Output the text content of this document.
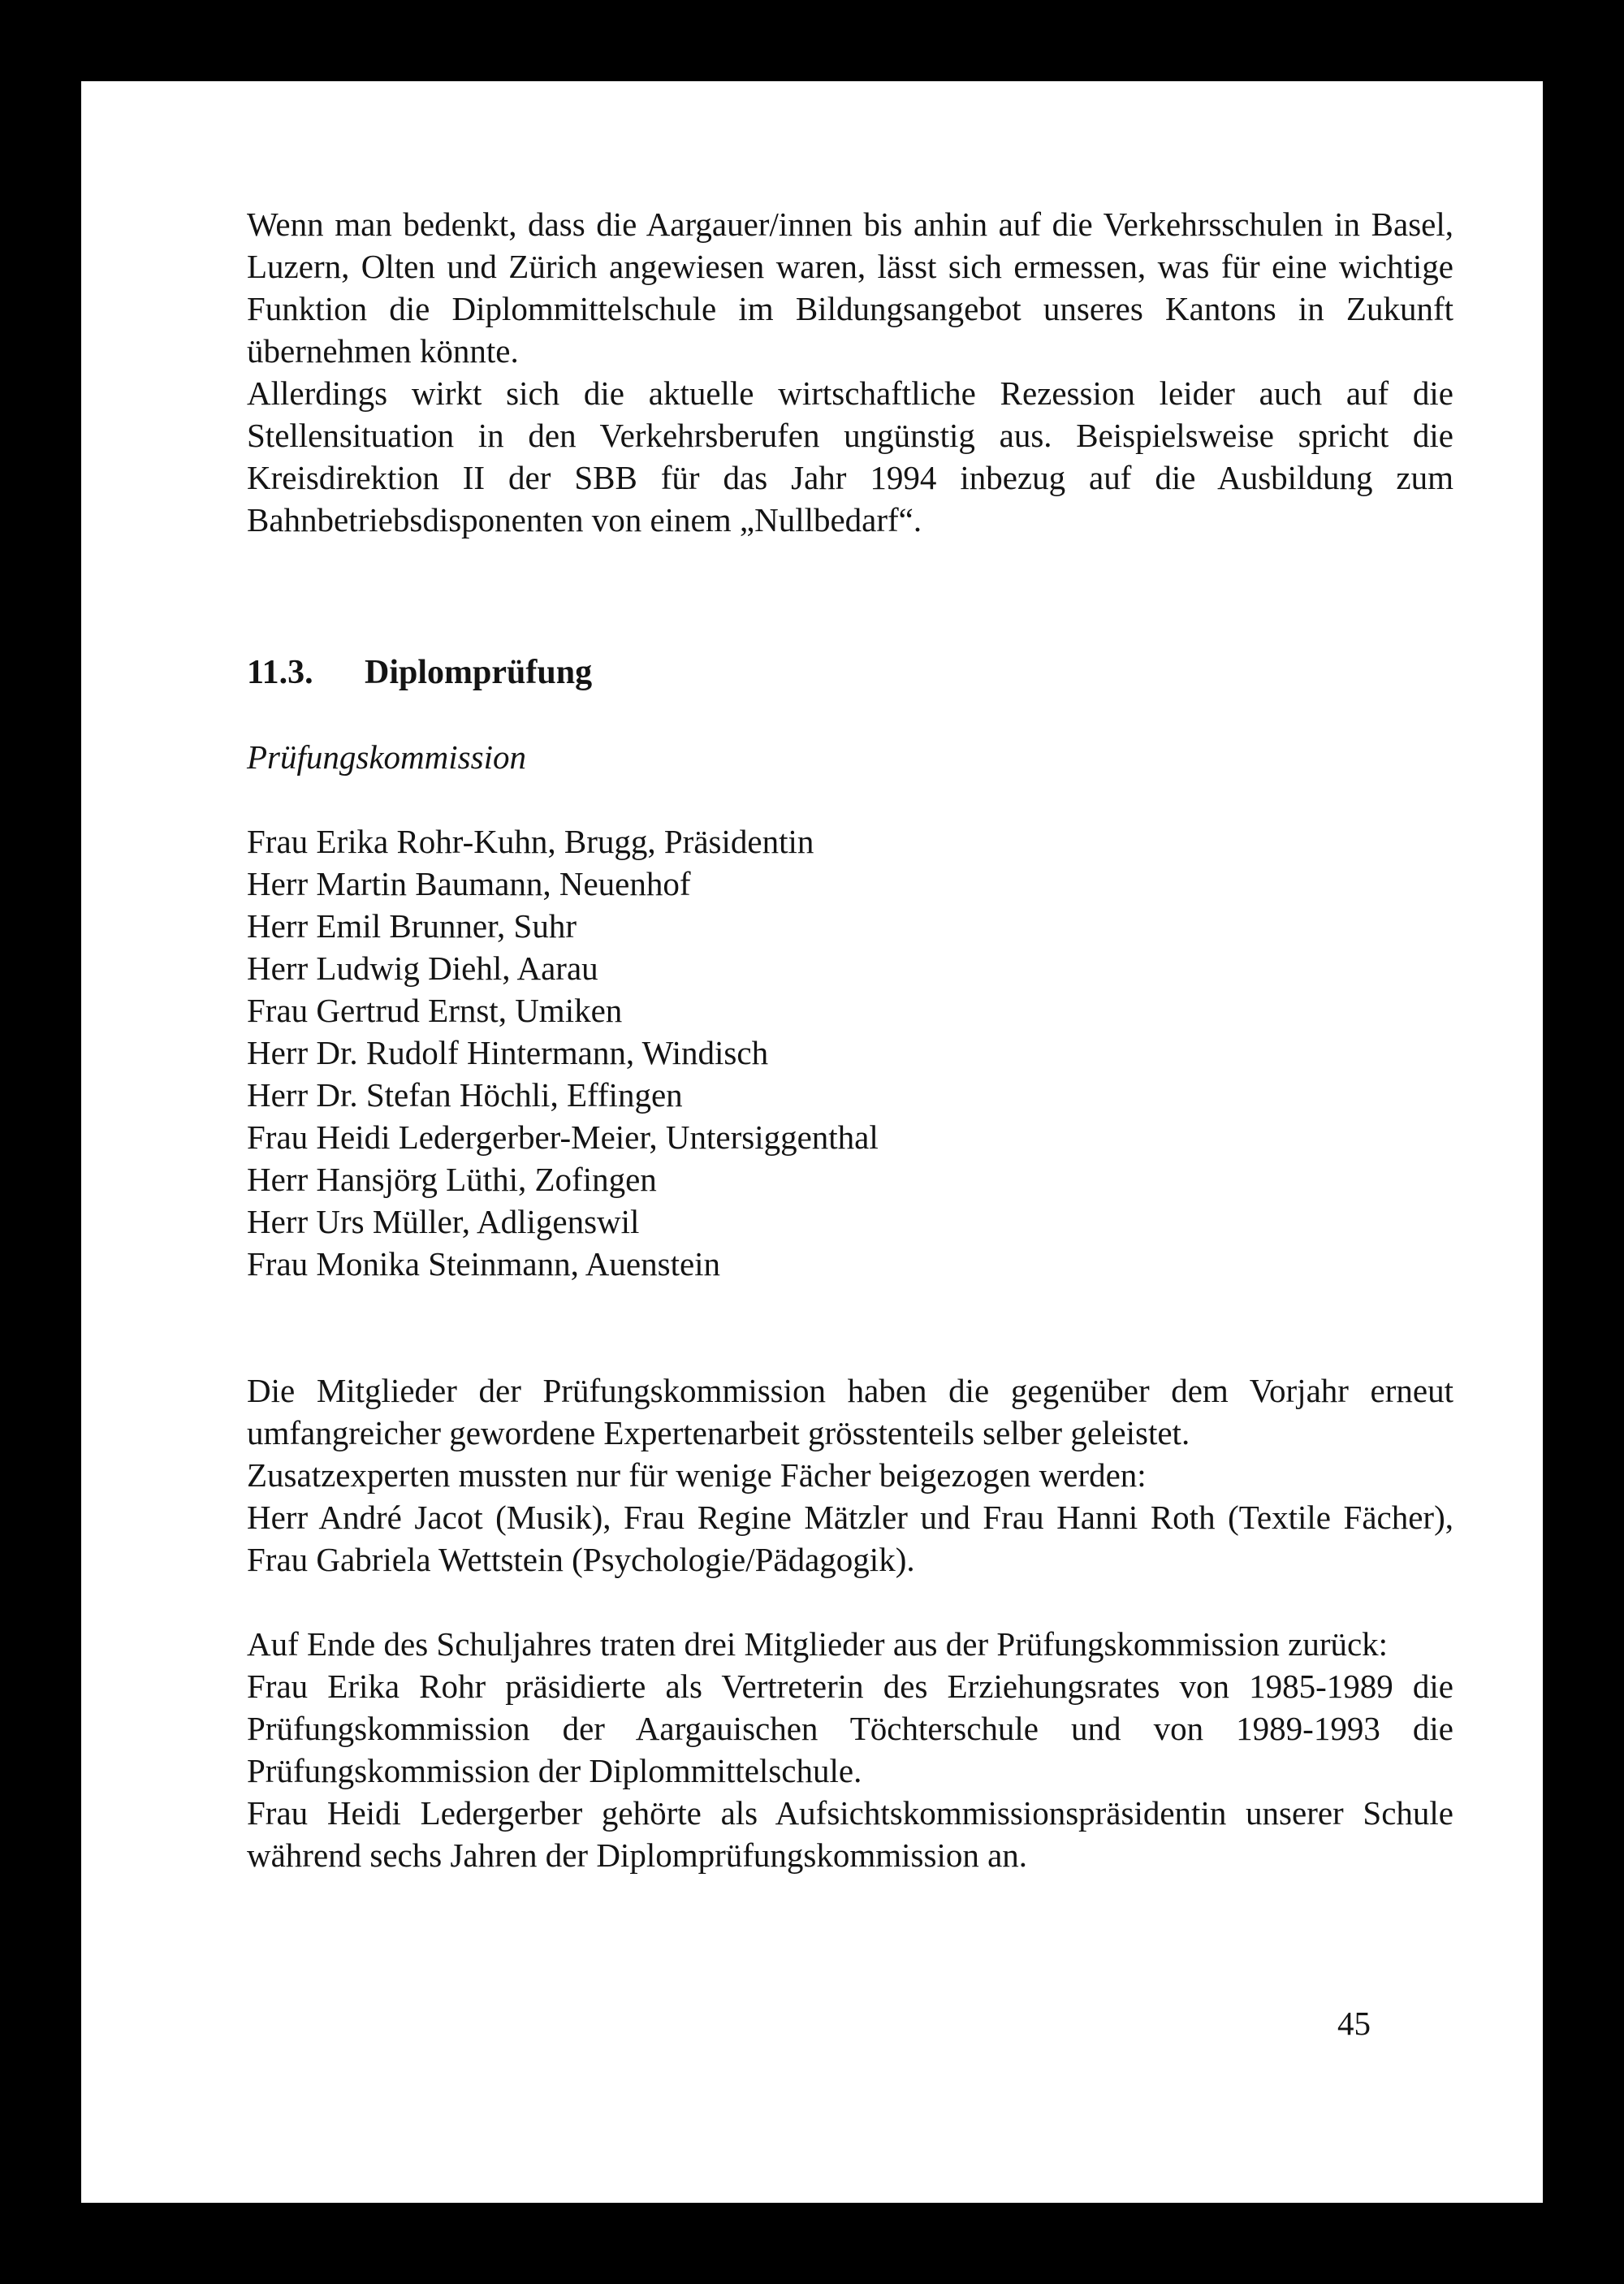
Wenn man bedenkt, dass die Aargauer/innen bis anhin auf die Verkehrsschulen in Basel, Luzern, Olten und Zürich angewiesen waren, lässt sich ermessen, was für eine wichtige Funktion die Diplommittelschule im Bildungsangebot unseres Kantons in Zukunft übernehmen könnte.

Allerdings wirkt sich die aktuelle wirtschaftliche Rezession leider auch auf die Stellensituation in den Verkehrsberufen ungünstig aus. Beispielsweise spricht die Kreisdirektion II der SBB für das Jahr 1994 inbezug auf die Ausbildung zum Bahnbetriebsdisponenten von einem „Nullbedarf“.

11.3. Diplomprüfung
Prüfungskommission
Frau Erika Rohr-Kuhn, Brugg, Präsidentin
Herr Martin Baumann, Neuenhof
Herr Emil Brunner, Suhr
Herr Ludwig Diehl, Aarau
Frau Gertrud Ernst, Umiken
Herr Dr. Rudolf Hintermann, Windisch
Herr Dr. Stefan Höchli, Effingen
Frau Heidi Ledergerber-Meier, Untersiggenthal
Herr Hansjörg Lüthi, Zofingen
Herr Urs Müller, Adligenswil
Frau Monika Steinmann, Auenstein

Die Mitglieder der Prüfungskommission haben die gegenüber dem Vorjahr erneut umfangreicher gewordene Expertenarbeit grösstenteils selber geleistet.

Zusatzexperten mussten nur für wenige Fächer beigezogen werden:

Herr André Jacot (Musik), Frau Regine Mätzler und Frau Hanni Roth (Textile Fächer), Frau Gabriela Wettstein (Psychologie/Pädagogik).

Auf Ende des Schuljahres traten drei Mitglieder aus der Prüfungskommission zurück:

Frau Erika Rohr präsidierte als Vertreterin des Erziehungsrates von 1985-1989 die Prüfungskommission der Aargauischen Töchterschule und von 1989-1993 die Prüfungskommission der Diplommittelschule.

Frau Heidi Ledergerber gehörte als Aufsichtskommissionspräsidentin unserer Schule während sechs Jahren der Diplomprüfungskommission an.

45
